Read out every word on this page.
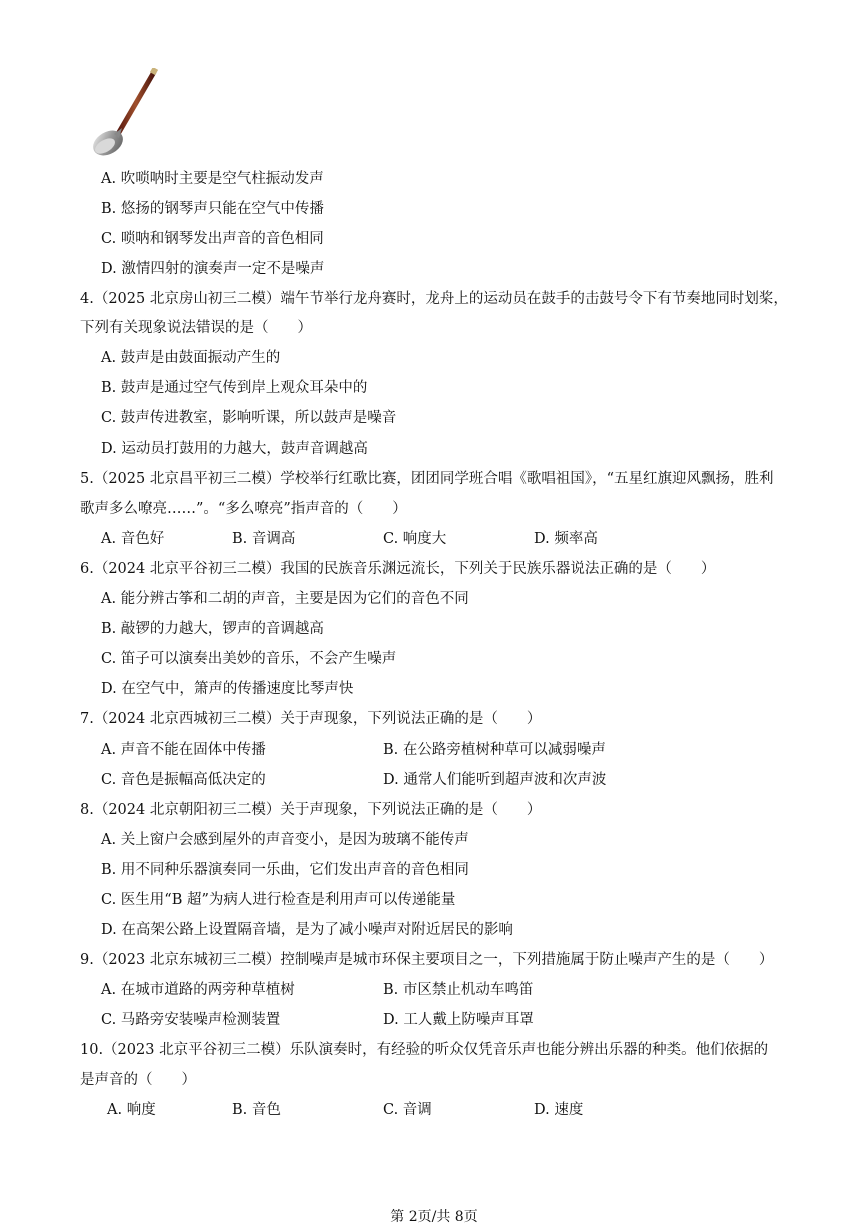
A. 吹唢呐时主要是空气柱振动发声
B. 悠扬的钢琴声只能在空气中传播
C. 唢呐和钢琴发出声音的音色相同
D. 激情四射的演奏声一定不是噪声
4.（2025 北京房山初三二模）端午节举行龙舟赛时，龙舟上的运动员在鼓手的击鼓号令下有节奏地同时划桨，
下列有关现象说法错误的是（　　）
A. 鼓声是由鼓面振动产生的
B. 鼓声是通过空气传到岸上观众耳朵中的
C. 鼓声传进教室，影响听课，所以鼓声是噪音
D. 运动员打鼓用的力越大，鼓声音调越高
5.（2025 北京昌平初三二模）学校举行红歌比赛，团团同学班合唱《歌唱祖国》，“五星红旗迎风飘扬，胜利
歌声多么嘹亮……”。“多么嘹亮”指声音的（　　）
A. 音色好	B. 音调高	C. 响度大	D. 频率高
6.（2024 北京平谷初三二模）我国的民族音乐渊远流长，下列关于民族乐器说法正确的是（　　）
A. 能分辨古筝和二胡的声音，主要是因为它们的音色不同
B. 敲锣的力越大，锣声的音调越高
C. 笛子可以演奏出美妙的音乐，不会产生噪声
D. 在空气中，箫声的传播速度比琴声快
7.（2024 北京西城初三二模）关于声现象，下列说法正确的是（　　）
A. 声音不能在固体中传播	B. 在公路旁植树种草可以减弱噪声
C. 音色是振幅高低决定的	D. 通常人们能听到超声波和次声波
8.（2024 北京朝阳初三二模）关于声现象，下列说法正确的是（　　）
A. 关上窗户会感到屋外的声音变小，是因为玻璃不能传声
B. 用不同种乐器演奏同一乐曲，它们发出声音的音色相同
C. 医生用“B 超”为病人进行检查是利用声可以传递能量
D. 在高架公路上设置隔音墙，是为了减小噪声对附近居民的影响
9.（2023 北京东城初三二模）控制噪声是城市环保主要项目之一，下列措施属于防止噪声产生的是（　　）
A. 在城市道路的两旁种草植树	B. 市区禁止机动车鸣笛
C. 马路旁安装噪声检测装置	D. 工人戴上防噪声耳罩
10.（2023 北京平谷初三二模）乐队演奏时，有经验的听众仅凭音乐声也能分辨出乐器的种类。他们依据的
是声音的（　　）
A. 响度	B. 音色	C. 音调	D. 速度
第 2页/共 8页
